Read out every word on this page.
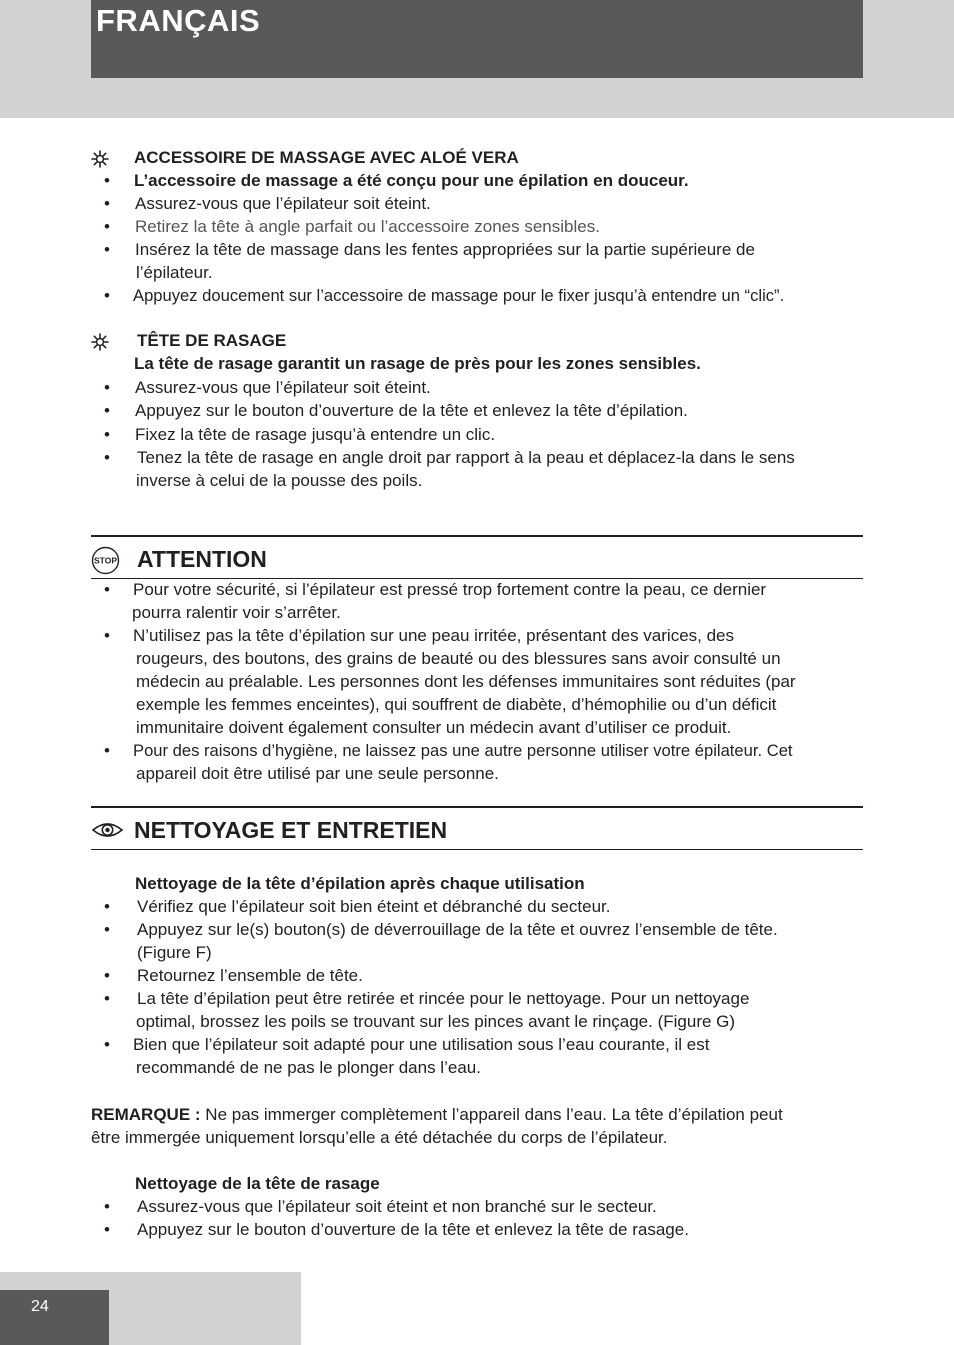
FRANÇAIS
ACCESSOIRE DE MASSAGE AVEC ALOÉ VERA
• L’accessoire de massage a été conçu pour une épilation en douceur.
• Assurez-vous que l’épilateur soit éteint.
• Retirez la tête à angle parfait ou l’accessoire zones sensibles.
• Insérez la tête de massage dans les fentes appropriées sur la partie supérieure de
l’épilateur.
• Appuyez doucement sur l’accessoire de massage pour le fixer jusqu’à entendre un “clic”.
TÊTE DE RASAGE
La tête de rasage garantit un rasage de près pour les zones sensibles.
• Assurez-vous que l’épilateur soit éteint.
• Appuyez sur le bouton d’ouverture de la tête et enlevez la tête d’épilation.
• Fixez la tête de rasage jusqu’à entendre un clic.
• Tenez la tête de rasage en angle droit par rapport à la peau et déplacez-la dans le sens
inverse à celui de la pousse des poils.
STOP ATTENTION
• Pour votre sécurité, si l’épilateur est pressé trop fortement contre la peau, ce dernier
pourra ralentir voir s’arrêter.
• N’utilisez pas la tête d’épilation sur une peau irritée, présentant des varices, des
rougeurs, des boutons, des grains de beauté ou des blessures sans avoir consulté un
médecin au préalable. Les personnes dont les défenses immunitaires sont réduites (par
exemple les femmes enceintes), qui souffrent de diabète, d’hémophilie ou d’un déficit
immunitaire doivent également consulter un médecin avant d’utiliser ce produit.
• Pour des raisons d’hygiène, ne laissez pas une autre personne utiliser votre épilateur. Cet
appareil doit être utilisé par une seule personne.
NETTOYAGE ET ENTRETIEN
Nettoyage de la tête d’épilation après chaque utilisation
• Vérifiez que l’épilateur soit bien éteint et débranché du secteur.
• Appuyez sur le(s) bouton(s) de déverrouillage de la tête et ouvrez l’ensemble de tête.
(Figure F)
• Retournez l’ensemble de tête.
• La tête d’épilation peut être retirée et rincée pour le nettoyage. Pour un nettoyage
optimal, brossez les poils se trouvant sur les pinces avant le rinçage. (Figure G)
• Bien que l’épilateur soit adapté pour une utilisation sous l’eau courante, il est
recommandé de ne pas le plonger dans l’eau.
REMARQUE : Ne pas immerger complètement l’appareil dans l’eau. La tête d’épilation peut
être immergée uniquement lorsqu’elle a été détachée du corps de l’épilateur.
Nettoyage de la tête de rasage
• Assurez-vous que l’épilateur soit éteint et non branché sur le secteur.
• Appuyez sur le bouton d’ouverture de la tête et enlevez la tête de rasage.
24
